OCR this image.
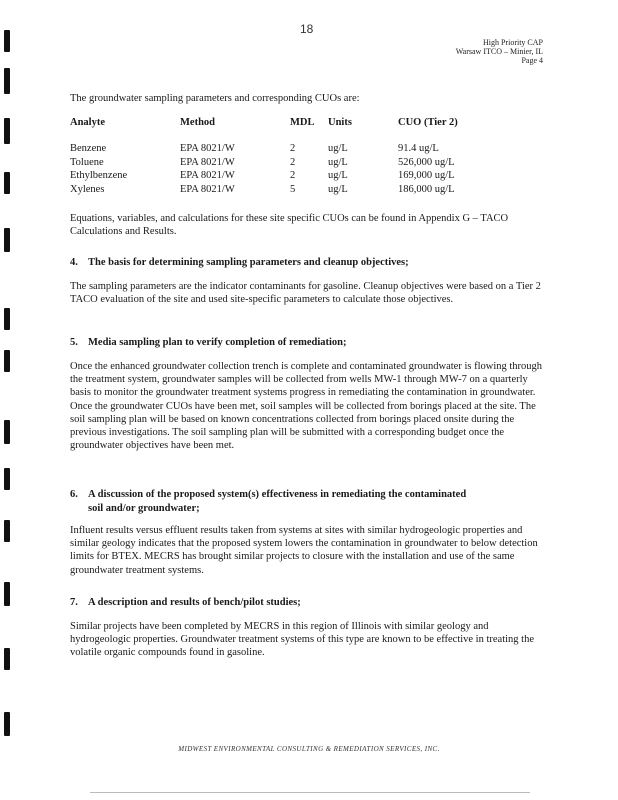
18
High Priority CAP
Warsaw ITCO – Minier, IL
Page 4
The groundwater sampling parameters and corresponding CUOs are:
Analyte	Method	MDL	Units	CUO (Tier 2)
Benzene	EPA 8021/W	2	ug/L	91.4 ug/L
Toluene	EPA 8021/W	2	ug/L	526,000 ug/L
Ethylbenzene	EPA 8021/W	2	ug/L	169,000 ug/L
Xylenes	EPA 8021/W	5	ug/L	186,000 ug/L
Equations, variables, and calculations for these site specific CUOs can be found in Appendix G – TACO Calculations and Results.
4. The basis for determining sampling parameters and cleanup objectives;
The sampling parameters are the indicator contaminants for gasoline. Cleanup objectives were based on a Tier 2 TACO evaluation of the site and used site-specific parameters to calculate those objectives.
5. Media sampling plan to verify completion of remediation;
Once the enhanced groundwater collection trench is complete and contaminated groundwater is flowing through the treatment system, groundwater samples will be collected from wells MW-1 through MW-7 on a quarterly basis to monitor the groundwater treatment systems progress in remediating the contamination in groundwater. Once the groundwater CUOs have been met, soil samples will be collected from borings placed at the site. The soil sampling plan will be based on known concentrations collected from borings placed onsite during the previous investigations. The soil sampling plan will be submitted with a corresponding budget once the groundwater objectives have been met.
6. A discussion of the proposed system(s) effectiveness in remediating the contaminated
soil and/or groundwater;
Influent results versus effluent results taken from systems at sites with similar hydrogeologic properties and similar geology indicates that the proposed system lowers the contamination in groundwater to below detection limits for BTEX. MECRS has brought similar projects to closure with the installation and use of the same groundwater treatment systems.
7. A description and results of bench/pilot studies;
Similar projects have been completed by MECRS in this region of Illinois with similar geology and hydrogeologic properties. Groundwater treatment systems of this type are known to be effective in treating the volatile organic compounds found in gasoline.
MIDWEST ENVIRONMENTAL CONSULTING & REMEDIATION SERVICES, INC.
